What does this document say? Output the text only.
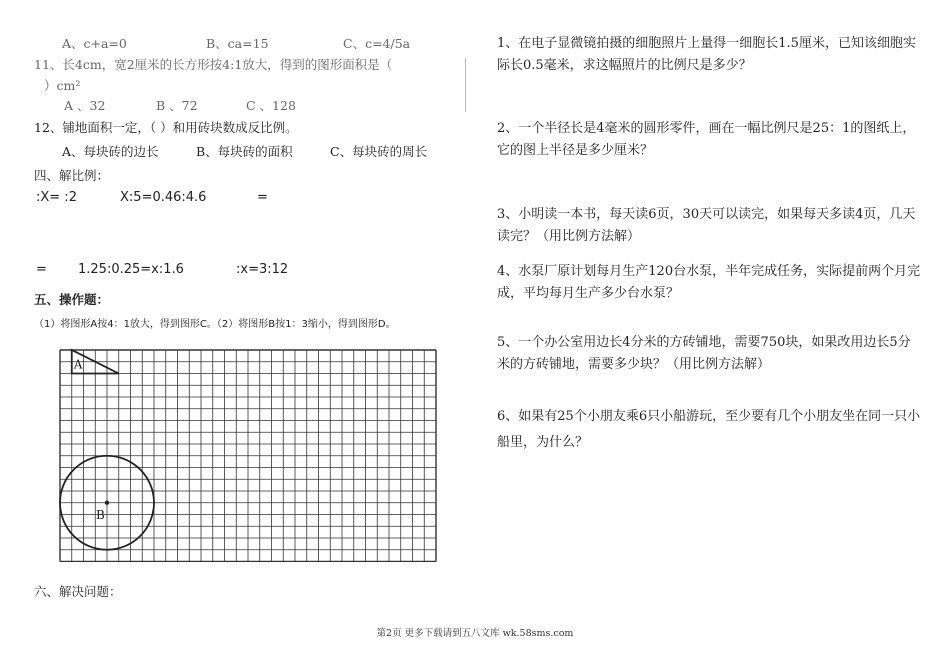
A、c+a=0	B、ca=15	C、c=4/5a
11、长4cm，宽2厘米的长方形按4:1放大，得到的图形面积是（
）cm²
A 、32	B 、72	C 、128
12、铺地面积一定，（ ）和用砖块数成反比例。
A、每块砖的边长	B、每块砖的面积	C、每块砖的周长
四、解比例：
:X= :2	X:5=0.46:4.6	=
= 1.25:0.25=x:1.6	:x=3:12
五、操作题：
（1）将图形A按4：1放大，得到图形C。（2）将图形B按1：3缩小，得到图形D。
A
B
六、解决问题：
1、在电子显微镜拍摄的细胞照片上量得一细胞长1.5厘米，已知该细胞实际长0.5毫米，求这幅照片的比例尺是多少？
2、一个半径长是4毫米的圆形零件，画在一幅比例尺是25：1的图纸上，它的图上半径是多少厘米？
3、小明读一本书，每天读6页，30天可以读完，如果每天多读4页，几天读完？（用比例方法解）
4、水泵厂原计划每月生产120台水泵，半年完成任务，实际提前两个月完成，平均每月生产多少台水泵？
5、一个办公室用边长4分米的方砖铺地，需要750块，如果改用边长5分米的方砖铺地，需要多少块？（用比例方法解）
6、如果有25个小朋友乘6只小船游玩，至少要有几个小朋友坐在同一只小船里，为什么？
第2页 更多下载请到五八文库 wk.58sms.com
